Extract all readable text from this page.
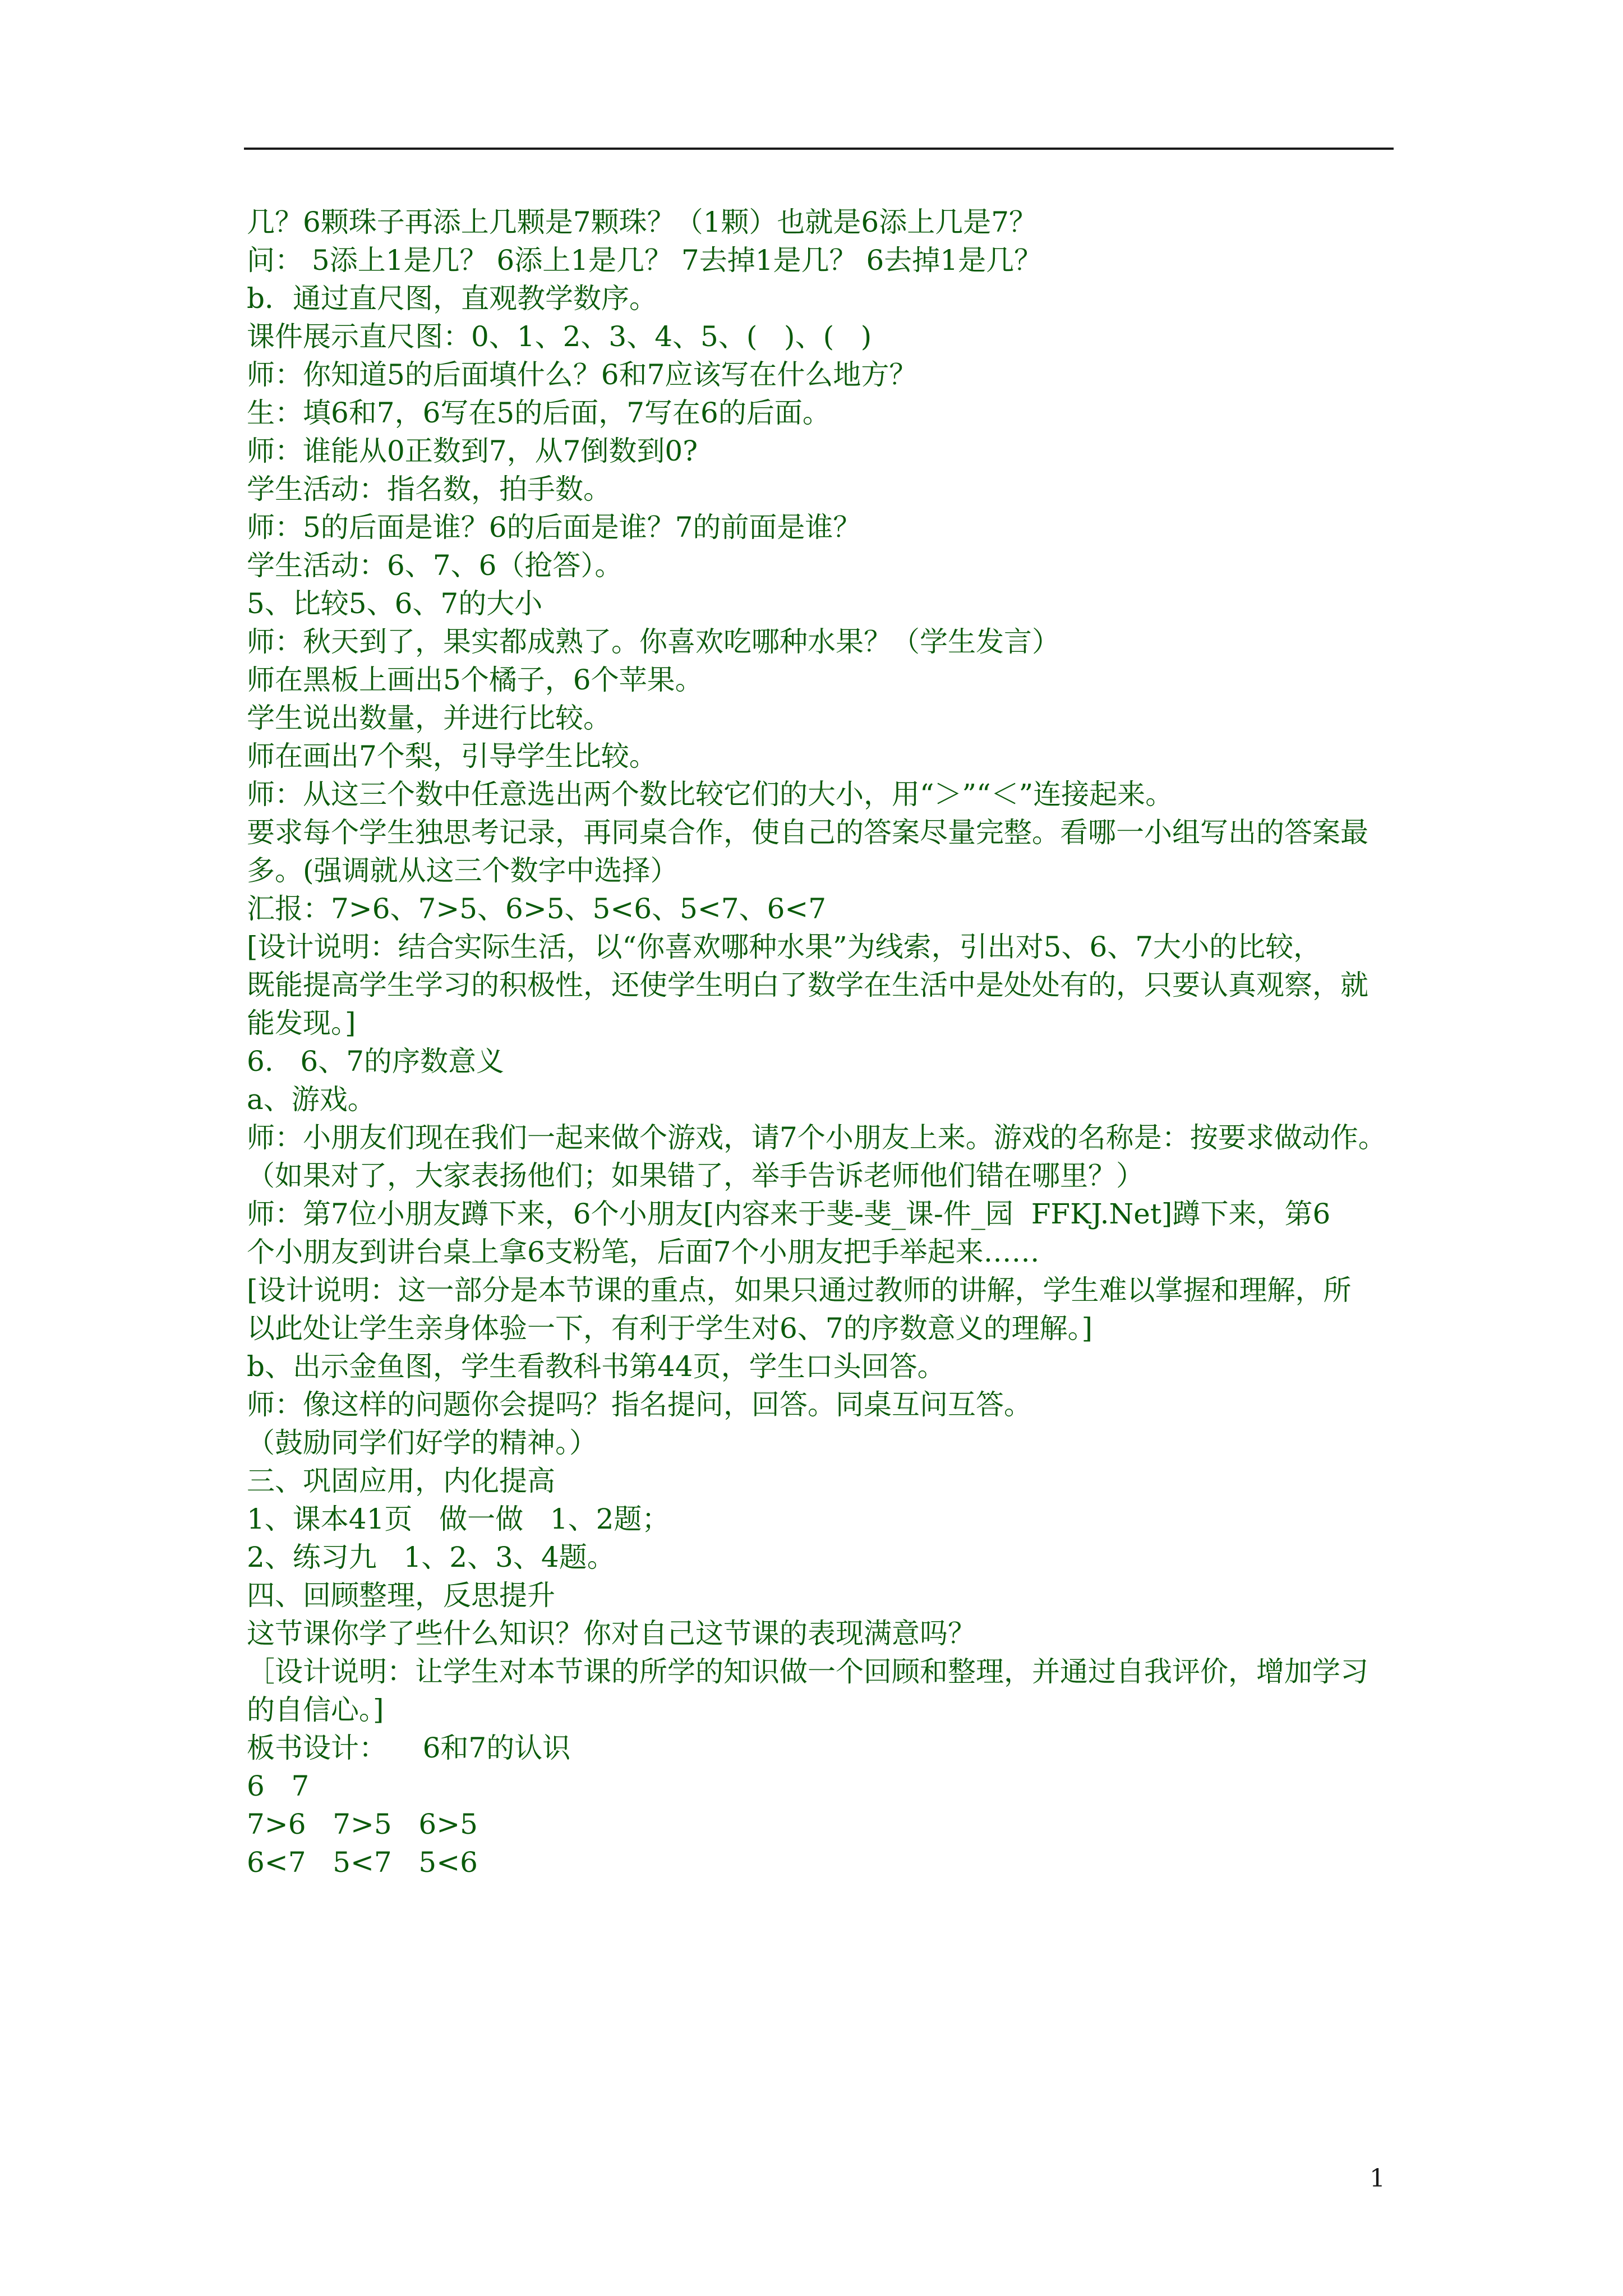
几？6颗珠子再添上几颗是7颗珠？（1颗）也就是6添上几是7？

问： 5添上1是几？ 6添上1是几？ 7去掉1是几？ 6去掉1是几？

b．通过直尺图，直观教学数序。

课件展示直尺图：0、1、2、3、4、5、(   )、(   )

师：你知道5的后面填什么？6和7应该写在什么地方？

生：填6和7，6写在5的后面，7写在6的后面。

师：谁能从0正数到7，从7倒数到0?

学生活动：指名数，拍手数。

师：5的后面是谁？6的后面是谁？7的前面是谁？

学生活动：6、7、6（抢答）。

5、比较5、6、7的大小

师：秋天到了，果实都成熟了。你喜欢吃哪种水果？（学生发言）

师在黑板上画出5个橘子，6个苹果。

学生说出数量，并进行比较。

师在画出7个梨，引导学生比较。

师：从这三个数中任意选出两个数比较它们的大小，用“＞”“＜”连接起来。

要求每个学生独思考记录，再同桌合作，使自己的答案尽量完整。看哪一小组写出的答案最

多。(强调就从这三个数字中选择）

汇报：7>6、7>5、6>5、5<6、5<7、6<7

[设计说明：结合实际生活，以“你喜欢哪种水果”为线索，引出对5、6、7大小的比较，

既能提高学生学习的积极性，还使学生明白了数学在生活中是处处有的，只要认真观察，就

能发现。]

6.   6、7的序数意义

a、游戏。

师：小朋友们现在我们一起来做个游戏，请7个小朋友上来。游戏的名称是：按要求做动作。

（如果对了，大家表扬他们；如果错了，举手告诉老师他们错在哪里？）

师：第7位小朋友蹲下来，6个小朋友[内容来于斐-斐_课-件_园  FFKJ.Net]蹲下来，第6

个小朋友到讲台桌上拿6支粉笔，后面7个小朋友把手举起来……

[设计说明：这一部分是本节课的重点，如果只通过教师的讲解，学生难以掌握和理解，所

以此处让学生亲身体验一下，有利于学生对6、7的序数意义的理解。]

b、出示金鱼图，学生看教科书第44页，学生口头回答。

师：像这样的问题你会提吗？指名提问，回答。同桌互问互答。

（鼓励同学们好学的精神。）

三、巩固应用，内化提高

1、课本41页   做一做   1、2题；

2、练习九   1、2、3、4题。

四、回顾整理，反思提升

这节课你学了些什么知识？你对自己这节课的表现满意吗？

［设计说明：让学生对本节课的所学的知识做一个回顾和整理，并通过自我评价，增加学习

的自信心。]

板书设计：    6和7的认识

6   7

7>6   7>5   6>5

6<7   5<7   5<6

1
